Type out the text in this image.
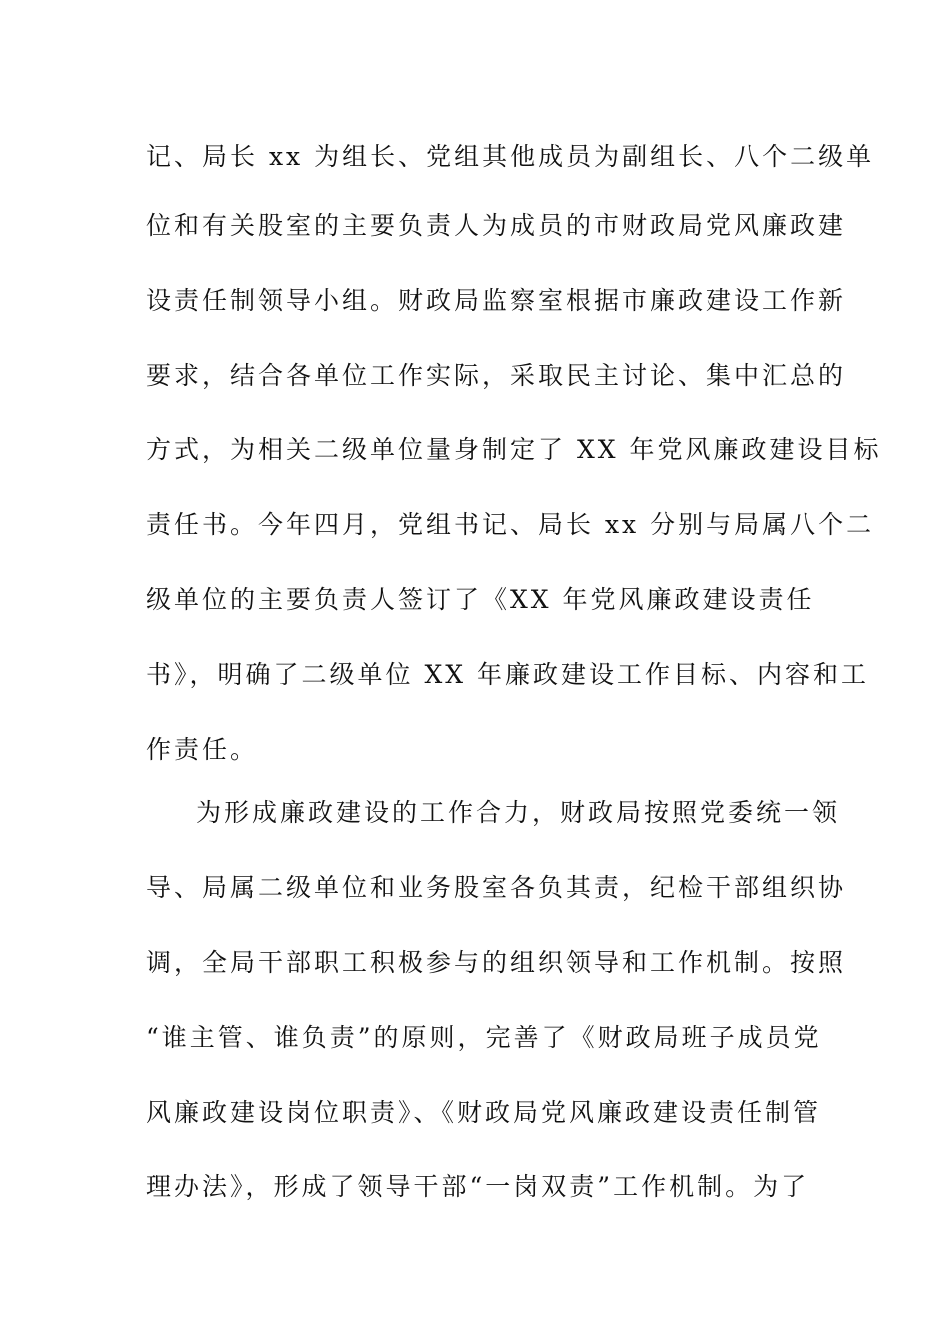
记、局长 xx 为组长、党组其他成员为副组长、八个二级单
位和有关股室的主要负责人为成员的市财政局党风廉政建
设责任制领导小组。财政局监察室根据市廉政建设工作新
要求，结合各单位工作实际，采取民主讨论、集中汇总的
方式，为相关二级单位量身制定了 XX 年党风廉政建设目标
责任书。今年四月，党组书记、局长 xx 分别与局属八个二
级单位的主要负责人签订了《XX 年党风廉政建设责任
书》，明确了二级单位 XX 年廉政建设工作目标、内容和工
作责任。
为形成廉政建设的工作合力，财政局按照党委统一领
导、局属二级单位和业务股室各负其责，纪检干部组织协
调，全局干部职工积极参与的组织领导和工作机制。按照
“谁主管、谁负责”的原则，完善了《财政局班子成员党
风廉政建设岗位职责》、《财政局党风廉政建设责任制管
理办法》，形成了领导干部“一岗双责”工作机制。为了
